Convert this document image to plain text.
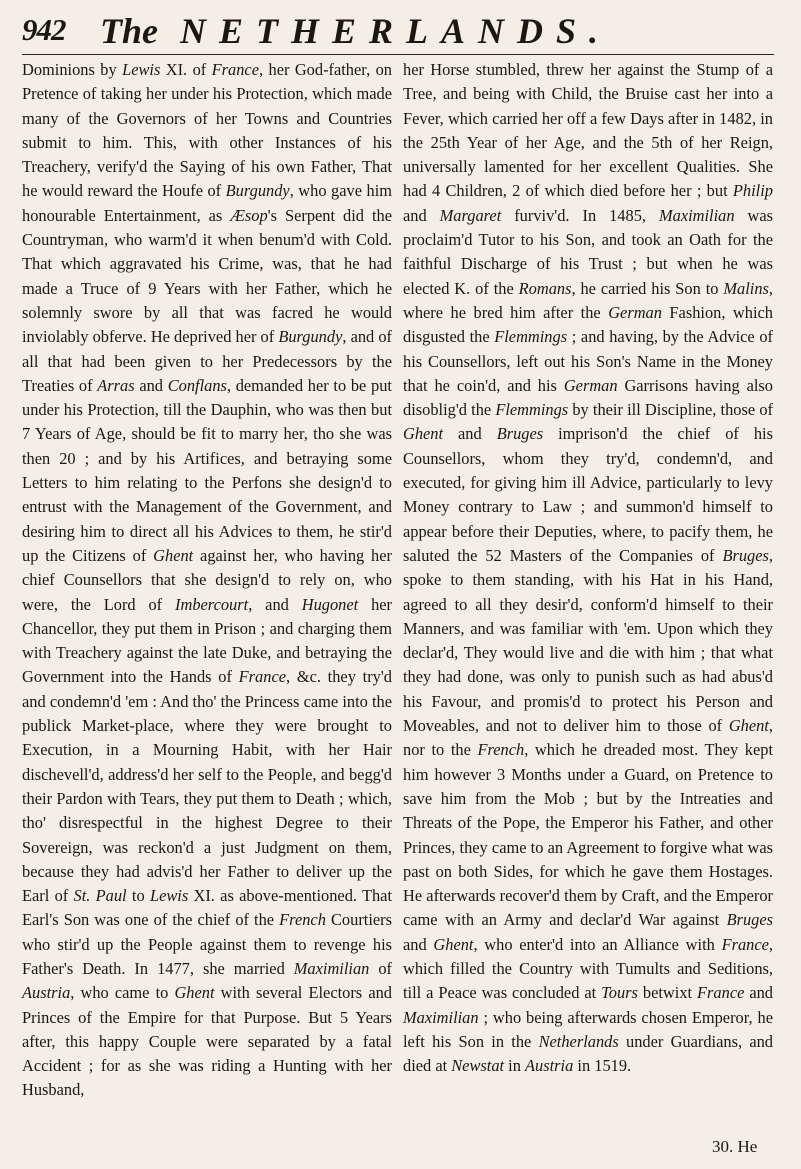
942 The NETHERLANDS.

Dominions by Lewis XI. of France, her God-father, on Pretence of taking her under his Protection, which made many of the Governors of her Towns and Countries submit to him. This, with other Instances of his Treachery, verify'd the Saying of his own Father, That he would reward the Houfe of Burgundy, who gave him honourable Entertainment, as Æsop's Serpent did the Countryman, who warm'd it when benum'd with Cold. That which aggravated his Crime, was, that he had made a Truce of 9 Years with her Father, which he solemnly swore by all that was facred he would inviolably obferve. He deprived her of Burgundy, and of all that had been given to her Predecessors by the Treaties of Arras and Conflans, demanded her to be put under his Protection, till the Dauphin, who was then but 7 Years of Age, should be fit to marry her, tho she was then 20 ; and by his Artifices, and betraying some Letters to him relating to the Perfons she design'd to entrust with the Management of the Government, and desiring him to direct all his Advices to them, he stir'd up the Citizens of Ghent against her, who having her chief Counsellors that she design'd to rely on, who were, the Lord of Imbercourt, and Hugonet her Chancellor, they put them in Prison ; and charging them with Treachery against the late Duke, and betraying the Government into the Hands of France, &c. they try'd and condemn'd 'em : And tho' the Princess came into the publick Market-place, where they were brought to Execution, in a Mourning Habit, with her Hair dischevell'd, address'd her self to the People, and begg'd their Pardon with Tears, they put them to Death ; which, tho' disrespectful in the highest Degree to their Sovereign, was reckon'd a just Judgment on them, because they had advis'd her Father to deliver up the Earl of St. Paul to Lewis XI. as above-mentioned. That Earl's Son was one of the chief of the French Courtiers who stir'd up the People against them to revenge his Father's Death. In 1477, she married Maximilian of Austria, who came to Ghent with several Electors and Princes of the Empire for that Purpose. But 5 Years after, this happy Couple were separated by a fatal Accident ; for as she was riding a Hunting with her Husband,

her Horse stumbled, threw her against the Stump of a Tree, and being with Child, the Bruise cast her into a Fever, which carried her off a few Days after in 1482, in the 25th Year of her Age, and the 5th of her Reign, universally lamented for her excellent Qualities. She had 4 Children, 2 of which died before her ; but Philip and Margaret furviv'd. In 1485, Maximilian was proclaim'd Tutor to his Son, and took an Oath for the faithful Discharge of his Trust ; but when he was elected K. of the Romans, he carried his Son to Malins, where he bred him after the German Fashion, which disgusted the Flemmings ; and having, by the Advice of his Counsellors, left out his Son's Name in the Money that he coin'd, and his German Garrisons having also disoblig'd the Flemmings by their ill Discipline, those of Ghent and Bruges imprison'd the chief of his Counsellors, whom they try'd, condemn'd, and executed, for giving him ill Advice, particularly to levy Money contrary to Law ; and summon'd himself to appear before their Deputies, where, to pacify them, he saluted the 52 Masters of the Companies of Bruges, spoke to them standing, with his Hat in his Hand, agreed to all they desir'd, conform'd himself to their Manners, and was familiar with 'em. Upon which they declar'd, They would live and die with him ; that what they had done, was only to punish such as had abus'd his Favour, and promis'd to protect his Person and Moveables, and not to deliver him to those of Ghent, nor to the French, which he dreaded most. They kept him however 3 Months under a Guard, on Pretence to save him from the Mob ; but by the Intreaties and Threats of the Pope, the Emperor his Father, and other Princes, they came to an Agreement to forgive what was past on both Sides, for which he gave them Hostages. He afterwards recover'd them by Craft, and the Emperor came with an Army and declar'd War against Bruges and Ghent, who enter'd into an Alliance with France, which filled the Country with Tumults and Seditions, till a Peace was concluded at Tours betwixt France and Maximilian ; who being afterwards chosen Emperor, he left his Son in the Netherlands under Guardians, and died at Newstat in Austria in 1519.

30. He
